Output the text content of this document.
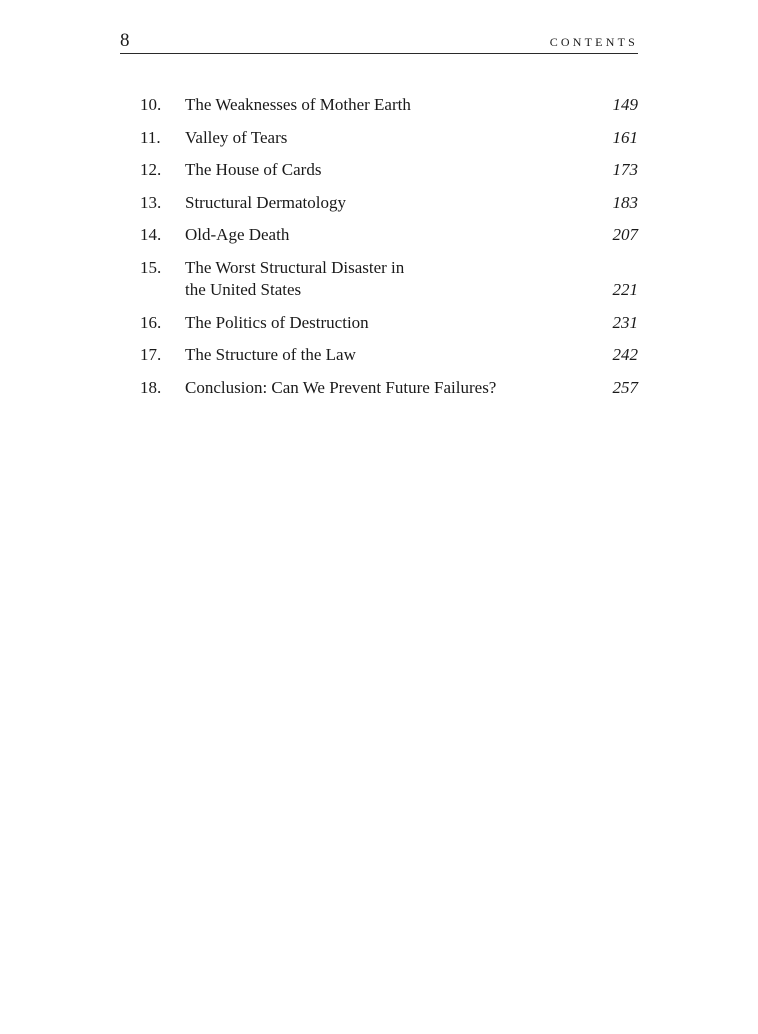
8	CONTENTS
10.	The Weaknesses of Mother Earth	149
11.	Valley of Tears	161
12.	The House of Cards	173
13.	Structural Dermatology	183
14.	Old-Age Death	207
15.	The Worst Structural Disaster in
the United States	221
16.	The Politics of Destruction	231
17.	The Structure of the Law	242
18.	Conclusion: Can We Prevent Future Failures?	257
